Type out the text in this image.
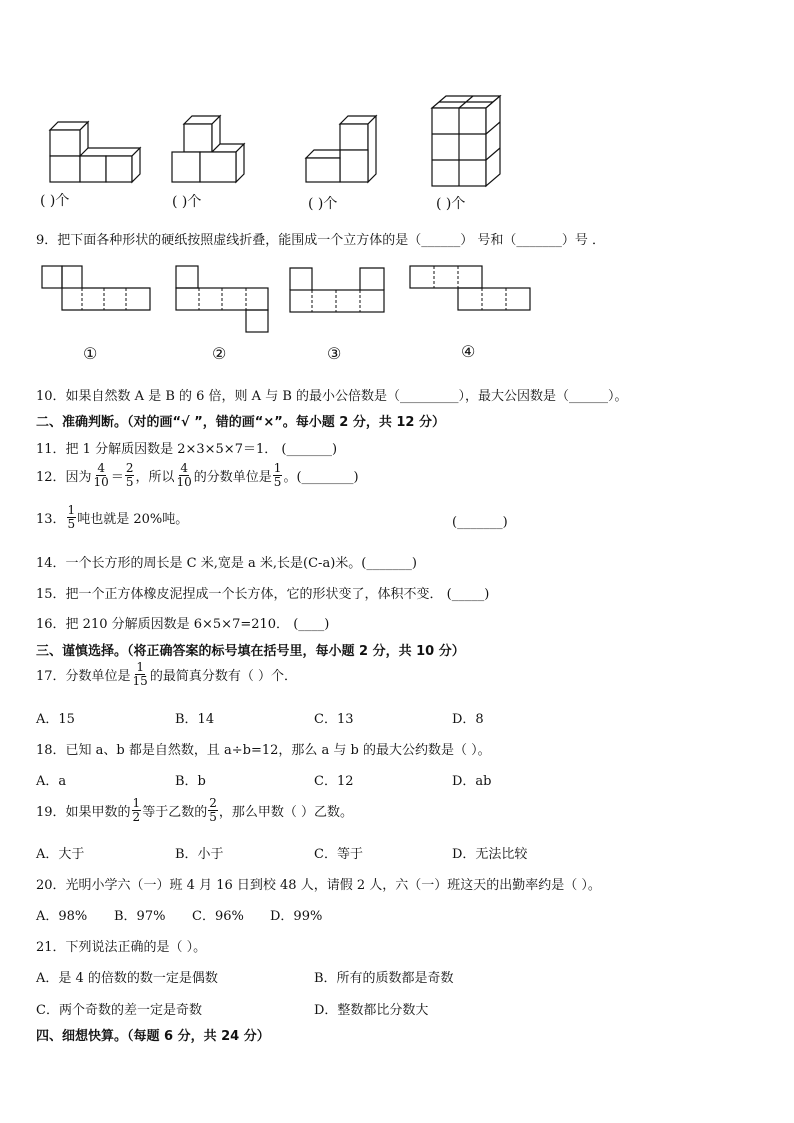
( )个	( )个	( )个	( )个
9．把下面各种形状的硬纸按照虚线折叠，能围成一个立方体的是（______） 号和（_______）号 ．
①	②	③	④
10．如果自然数 A 是 B 的 6 倍，则 A 与 B 的最小公倍数是（_________），最大公因数是（______）。
二、准确判断。（对的画“√ ”，错的画“×”。每小题 2 分，共 12 分）
11．把 1 分解质因数是 2×3×5×7＝1． (_______)
12．因为 $\frac{4}{10} = \frac{2}{5}$ ，所以 $\frac{4}{10}$ 的分数单位是 $\frac{1}{5}$ 。(________)
13． $\frac{1}{5}$ 吨也就是 20%吨。	(_______)
14．一个长方形的周长是 C 米,宽是 a 米,长是(C-a)米。(_______)
15．把一个正方体橡皮泥捏成一个长方体，它的形状变了，体积不变． (_____)
16．把 210 分解质因数是 6×5×7=210． (____)
三、谨慎选择。（将正确答案的标号填在括号里，每小题 2 分，共 10 分）
17．分数单位是 $\frac{1}{15}$ 的最简真分数有（ ）个．
A．15	B．14	C．13	D．8
18．已知 a、b 都是自然数，且 a÷b=12，那么 a 与 b 的最大公约数是（ ）。
A．a	B．b	C．12	D．ab
19．如果甲数的 $\frac{1}{2}$ 等于乙数的 $\frac{2}{5}$ ，那么甲数（ ）乙数。
A．大于	B．小于	C．等于	D．无法比较
20．光明小学六（一）班 4 月 16 日到校 48 人，请假 2 人，六（一）班这天的出勤率约是（ ）。
A．98% B．97% C．96% D．99%
21．下列说法正确的是（ ）。
A．是 4 的倍数的数一定是偶数	B．所有的质数都是奇数
C．两个奇数的差一定是奇数	D．整数都比分数大
四、细想快算。（每题 6 分，共 24 分）
